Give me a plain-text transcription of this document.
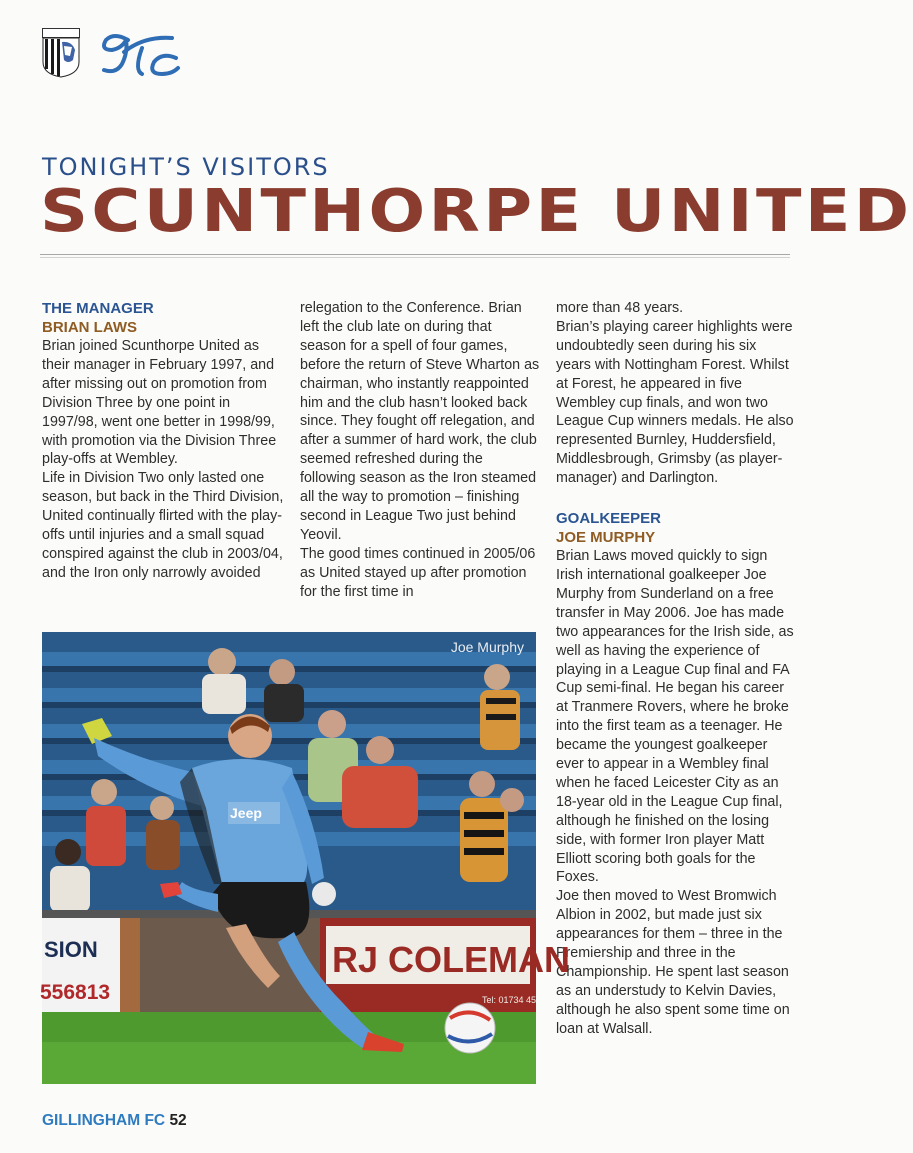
TONIGHT’S VISITORS
SCUNTHORPE UNITED

THE MANAGER

BRIAN LAWS

Brian joined Scunthorpe United as their manager in February 1997, and after missing out on promotion from Division Three by one point in 1997/98, went one better in 1998/99, with promotion via the Division Three play-offs at Wembley.

Life in Division Two only lasted one season, but back in the Third Division, United continually flirted with the play-offs until injuries and a small squad conspired against the club in 2003/04, and the Iron only narrowly avoided

relegation to the Conference. Brian left the club late on during that season for a spell of four games, before the return of Steve Wharton as chairman, who instantly reappointed him and the club hasn’t looked back since. They fought off relegation, and after a summer of hard work, the club seemed refreshed during the following season as the Iron steamed all the way to promotion – finishing second in League Two just behind Yeovil.

The good times continued in 2005/06 as United stayed up after promotion for the first time in

more than 48 years.

Brian’s playing career highlights were undoubtedly seen during his six years with Nottingham Forest. Whilst at Forest, he appeared in five Wembley cup finals, and won two League Cup winners medals. He also represented Burnley, Huddersfield, Middlesbrough, Grimsby (as player-manager) and Darlington.

GOALKEEPER

JOE MURPHY

Brian Laws moved quickly to sign Irish international goalkeeper Joe Murphy from Sunderland on a free transfer in May 2006. Joe has made two appearances for the Irish side, as well as having the experience of playing in a League Cup final and FA Cup semi-final. He began his career at Tranmere Rovers, where he broke into the first team as a teenager. He became the youngest goalkeeper ever to appear in a Wembley final when he faced Leicester City as an 18-year old in the League Cup final, although he finished on the losing side, with former Iron player Matt Elliott scoring both goals for the Foxes.

Joe then moved to West Bromwich Albion in 2002, but made just six appearances for them – three in the Premiership and three in the Championship. He spent last season as an understudy to Kelvin Davies, although he also spent some time on loan at Walsall.

SION
556813
RJ COLEMAN
Tel: 01734 45
Jeep
Joe Murphy
GILLINGHAM FC 52
